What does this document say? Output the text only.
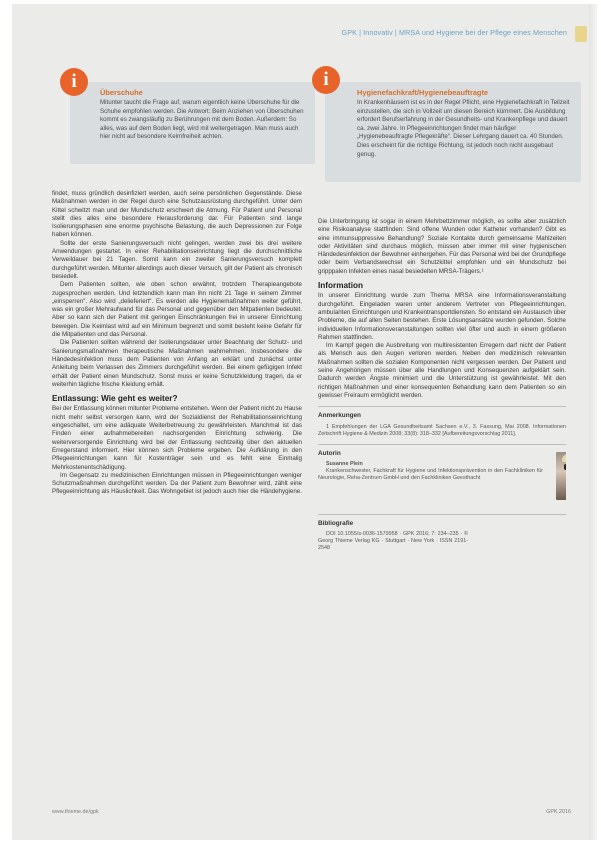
GPK | Innovativ | MRSA und Hygiene bei der Pflege eines Menschen
Überschuhe

Mitunter taucht die Frage auf, warum eigentlich keine Überschuhe für die Schuhe empfohlen werden. Die Antwort: Beim Anziehen von Überschuhen kommt es zwangsläufig zu Berührungen mit dem Boden. Außerdem: So alles, was auf dem Boden liegt, wird mit weitergetragen. Man muss auch hier nicht auf besondere Keimfreiheit achten.

i
Hygienefachkraft/Hygienebeauftragte

In Krankenhäusern ist es in der Regel Pflicht, eine Hygienefachkraft in Teilzeit einzustellen, die sich in Vollzeit um diesen Bereich kümmert. Die Ausbildung erfordert Berufserfahrung in der Gesundheits- und Krankenpflege und dauert ca. zwei Jahre. In Pflegeeinrichtungen findet man häufiger „Hygienebeauftragte Pflegekräfte“. Dieser Lehrgang dauert ca. 40 Stunden. Dies erscheint für die richtige Richtung, ist jedoch noch nicht ausgebaut genug.

i

findet, muss gründlich desinfiziert werden, auch seine persönlichen Gegenstände. Diese Maßnahmen werden in der Regel durch eine Schutzausrüstung durchgeführt. Unter dem Kittel schwitzt man und der Mundschutz erschwert die Atmung. Für Patient und Personal stellt dies alles eine besondere Herausforderung dar. Für Patienten sind lange Isolierungsphasen eine enorme psychische Belastung, die auch Depressionen zur Folge haben können.

Sollte der erste Sanierungsversuch nicht gelingen, werden zwei bis drei weitere Anwendungen gestartet. In einer Rehabilitationseinrichtung liegt die durchschnittliche Verweildauer bei 21 Tagen. Somit kann ein zweiter Sanierungsversuch komplett durchgeführt werden. Mitunter allerdings auch dieser Versuch, gilt der Patient als chronisch besiedelt.

Dem Patienten sollten, wie oben schon erwähnt, trotzdem Therapieangebote zugesprochen werden. Und letztendlich kann man ihn nicht 21 Tage in seinem Zimmer „einsperren“. Also wird „delieferiert“. Es werden alle Hygienemaßnahmen weiter geführt, was ein großer Mehraufwand für das Personal und gegenüber den Mitpatienten bedeutet. Aber so kann sich der Patient mit geringen Einschränkungen frei in unserer Einrichtung bewegen. Die Keimlast wird auf ein Minimum begrenzt und somit besteht keine Gefahr für die Mitpatienten und das Personal.

Die Patienten sollten während der Isolierungsdauer unter Beachtung der Schutz- und Sanierungsmaßnahmen therapeutische Maßnahmen wahrnehmen. Insbesondere die Händedesinfektion muss dem Patienten von Anfang an erklärt und zunächst unter Anleitung beim Verlassen des Zimmers durchgeführt werden. Bei einem gefügigen Infekt erhält der Patient einen Mundschutz. Sonst muss er keine Schutzkleidung tragen, da er weiterhin tägliche frische Kleidung erhält.

Entlassung: Wie geht es weiter?

Bei der Entlassung können mitunter Probleme entstehen. Wenn der Patient nicht zu Hause nicht mehr selbst versorgen kann, wird der Sozialdienst der Rehabilitationseinrichtung eingeschaltet, um eine adäquate Weiterbetreuung zu gewährleisten. Manchmal ist das Finden einer aufnahmebereiten nachsorgenden Einrichtung schwierig. Die weiterversorgende Einrichtung wird bei der Entlassung rechtzeitig über den aktuellen Erregerstand informiert. Hier können sich Probleme ergeben. Die Aufklärung in den Pflegeeinrichtungen kann für Kostenträger sein und es fehlt eine Einmalig Mehrkostenentschädigung.

Im Gegensatz zu medizinischen Einrichtungen müssen in Pflegeeinrichtungen weniger Schutzmaßnahmen durchgeführt werden. Da der Patient zum Bewohner wird, zählt eine Pflegeeinrichtung als Häuslichkeit. Das Wohngebiet ist jedoch auch hier die Händehygiene.

Die Unterbringung ist sogar in einem Mehrbettzimmer möglich, es sollte aber zusätzlich eine Risikoanalyse stattfinden: Sind offene Wunden oder Katheter vorhanden? Gibt es eine immunsuppressive Behandlung? Soziale Kontakte durch gemeinsame Mahlzeiten oder Aktivitäten sind durchaus möglich, müssen aber immer mit einer hygienischen Händedesinfektion der Bewohner einhergehen. Für das Personal wird bei der Grundpflege oder beim Verbandswechsel ein Schutzkittel empfohlen und ein Mundschutz bei gripppalen Infekten eines nasal besiedelten MRSA-Trägers.¹

Information

In unserer Einrichtung wurde zum Thema MRSA eine Informationsveranstaltung durchgeführt. Eingeladen waren unter anderem Vertreter von Pflegeeinrichtungen, ambulanten Einrichtungen und Krankentransportdiensten. So entstand ein Austausch über Probleme, die auf allen Seiten bestehen. Erste Lösungsansätze wurden gefunden. Solche individuellen Informationsveranstaltungen sollten viel öfter und auch in einem größeren Rahmen stattfinden.

Im Kampf gegen die Ausbreitung von multiresistenten Erregern darf nicht der Patient als Mensch aus den Augen verloren werden. Neben den medizinisch relevanten Maßnahmen sollten die sozialen Komponenten nicht vergessen werden. Der Patient und seine Angehörigen müssen über alle Handlungen und Konsequenzen aufgeklärt sein. Dadurch werden Ängste minimiert und die Unterstützung ist gewährleistet. Mit den richtigen Maßnahmen und einer konsequenten Behandlung kann dem Patienten so ein gewisser Freiraum ermöglicht werden.

Anmerkungen

1 Empfehlungen der LGA Gesundheitsamt Sachsen e.V., 3. Fassung, Mai 2008. Informationen Zeitschrift Hygiene & Medizin 2008; 33(8): 318–332 [Aufbereitungsvorschlag 2011].

Autorin

Susanne Plein

Krankenschwester, Fachkraft für Hygiene und Infektionsprävention in den Fachkliniken für Neurologie, Reha-Zentrum GmbH und den Fachkliniken Geesthacht

Bibliografie

DOI 10.1055/s-0036-1579958 · GPK 2016; 7: 234–235 · © Georg Thieme Verlag KG · Stuttgart · New York · ISSN 2191-2548

www.thieme.de/gpk	GPK 2016
